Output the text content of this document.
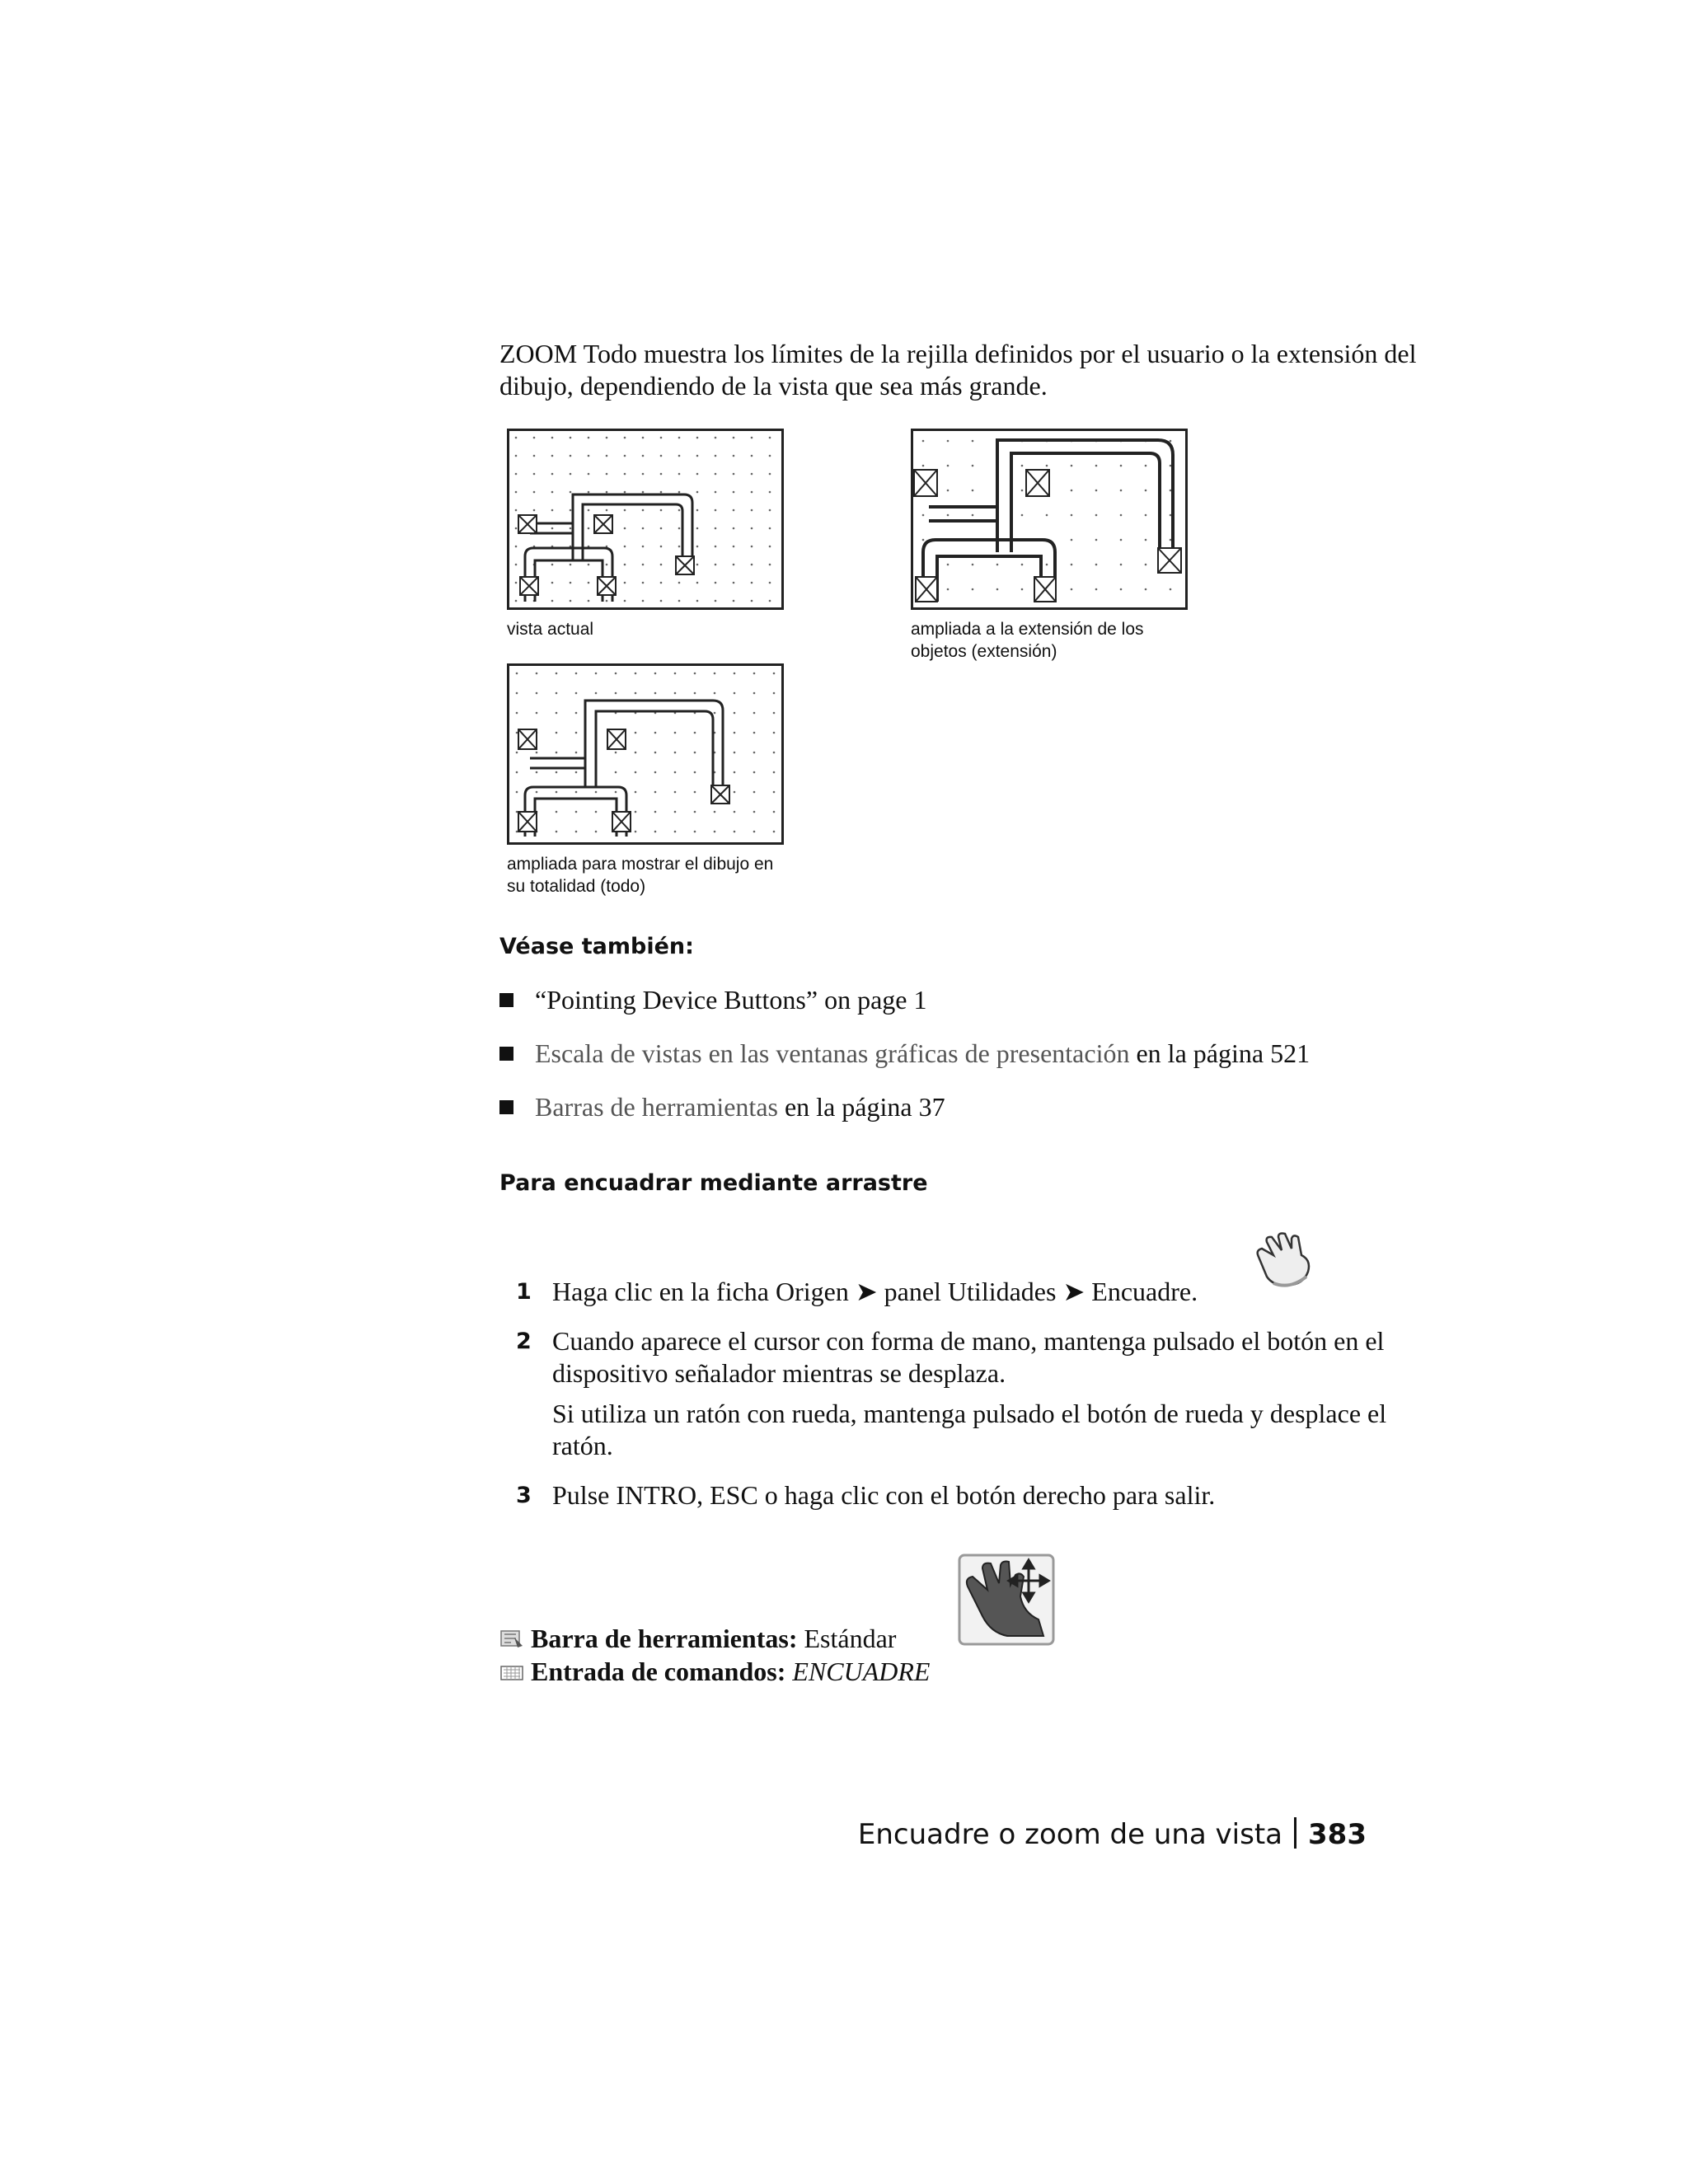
ZOOM Todo muestra los límites de la rejilla definidos por el usuario o la extensión del dibujo, dependiendo de la vista que sea más grande.

vista actual	ampliada a la extensión de los objetos (extensión)
ampliada para mostrar el dibujo en su totalidad (todo)
Véase también:
“Pointing Device Buttons” on page 1
Escala de vistas en las ventanas gráficas de presentación en la página 521
Barras de herramientas en la página 37
Para encuadrar mediante arrastre
1 Haga clic en la ficha Origen ➤ panel Utilidades ➤ Encuadre.
2 Cuando aparece el cursor con forma de mano, mantenga pulsado el botón en el dispositivo señalador mientras se desplaza.
Si utiliza un ratón con rueda, mantenga pulsado el botón de rueda y desplace el ratón.
3 Pulse INTRO, ESC o haga clic con el botón derecho para salir.
Barra de herramientas: Estándar
Entrada de comandos: ENCUADRE
Encuadre o zoom de una vista 383
